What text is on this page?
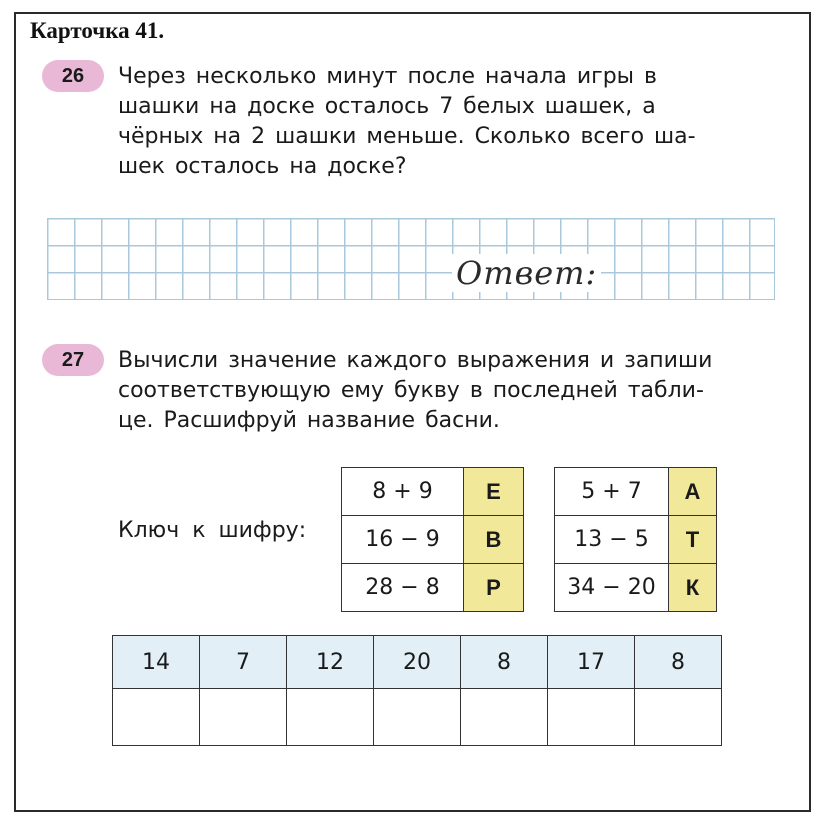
Карточка 41.
26	Через несколько минут после начала игры в
шашки на доске осталось 7 белых шашек, а
чёрных на 2 шашки меньше. Сколько всего ша-
шек осталось на доске?
Ответ:
27	Вычисли значение каждого выражения и запиши
соответствующую ему букву в последней табли-
це. Расшифруй название басни.
Ключ к шифру:
8 + 9	Е
16 − 9	В
28 − 8	Р
5 + 7	А
13 − 5	Т
34 − 20	К
14	7	12	20	8	17	8
